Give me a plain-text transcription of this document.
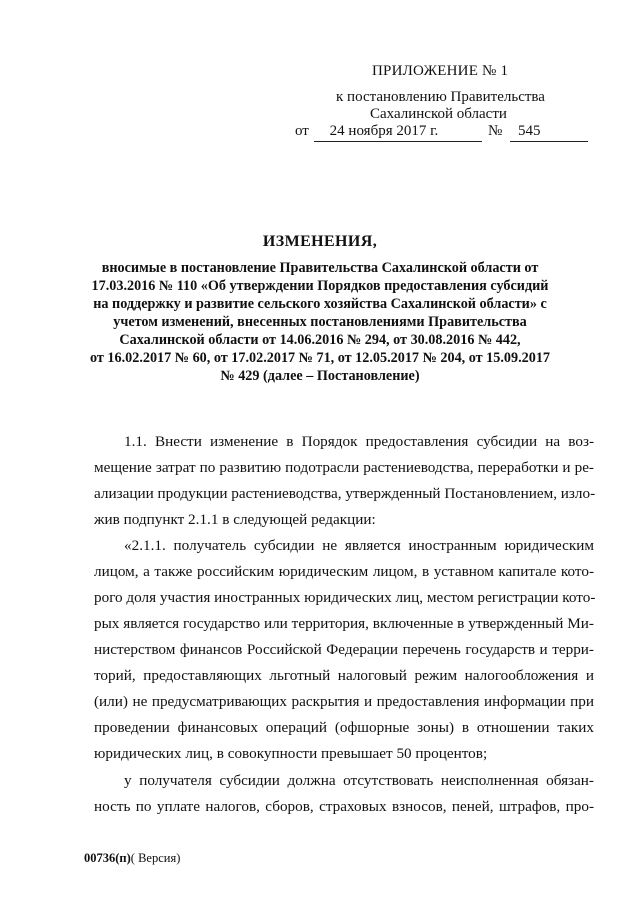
ПРИЛОЖЕНИЕ № 1
к постановлению Правительства
Сахалинской области
от	24 ноября 2017 г.	№	545
ИЗМЕНЕНИЯ,
вносимые в постановление Правительства Сахалинской области от
17.03.2016 № 110 «Об утверждении Порядков предоставления субсидий
на поддержку и развитие сельского хозяйства Сахалинской области» с
учетом изменений, внесенных постановлениями Правительства
Сахалинской области от 14.06.2016 № 294, от 30.08.2016 № 442,
от 16.02.2017 № 60, от 17.02.2017 № 71, от 12.05.2017 № 204, от 15.09.2017
№ 429 (далее – Постановление)
1.1. Внести изменение в Порядок предоставления субсидии на воз-
мещение затрат по развитию подотрасли растениеводства, переработки и ре-
ализации продукции растениеводства, утвержденный Постановлением, изло-
жив подпункт 2.1.1 в следующей редакции:
«2.1.1. получатель субсидии не является иностранным юридическим
лицом, а также российским юридическим лицом, в уставном капитале кото-
рого доля участия иностранных юридических лиц, местом регистрации кото-
рых является государство или территория, включенные в утвержденный Ми-
нистерством финансов Российской Федерации перечень государств и терри-
торий, предоставляющих льготный налоговый режим налогообложения и
(или) не предусматривающих раскрытия и предоставления информации при
проведении финансовых операций (офшорные зоны) в отношении таких
юридических лиц, в совокупности превышает 50 процентов;
у получателя субсидии должна отсутствовать неисполненная обязан-
ность по уплате налогов, сборов, страховых взносов, пеней, штрафов, про-
00736(п)( Версия)
